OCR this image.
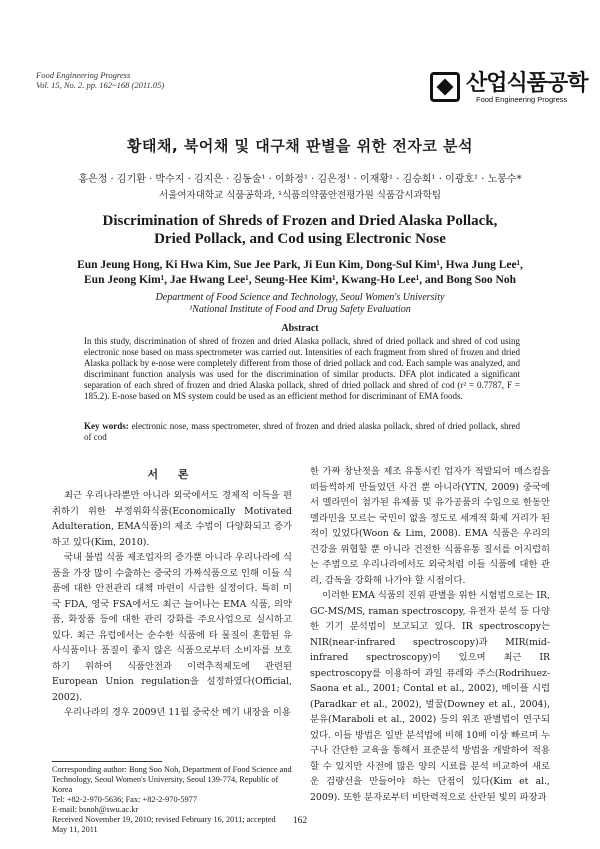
Food Engineering Progress
Vol. 15, No. 2. pp. 162~168 (2011.05)	산업식품공학
Food Engineering Progress
황태채, 북어채 및 대구채 판별을 위한 전자코 분석
홍은정 · 김기환 · 박수지 · 김지은 · 김동술¹ · 이화정¹ · 김은정¹ · 이재황¹ · 김승희¹ · 이광호¹ · 노봉수*
서울여자대학교 식품공학과, ¹식품의약품안전평가원 식품감시과학팀
Discrimination of Shreds of Frozen and Dried Alaska Pollack,
Dried Pollack, and Cod using Electronic Nose
Eun Jeung Hong, Ki Hwa Kim, Sue Jee Park, Ji Eun Kim, Dong-Sul Kim¹, Hwa Jung Lee¹,
Eun Jeong Kim¹, Jae Hwang Lee¹, Seung-Hee Kim¹, Kwang-Ho Lee¹, and Bong Soo Noh
Department of Food Science and Technology, Seoul Women's University
¹National Institute of Food and Drug Safety Evaluation
Abstract
In this study, discrimination of shred of frozen and dried Alaska pollack, shred of dried pollack and shred of cod using electronic nose based on mass spectrometer was carried out. Intensities of each fragment from shred of frozen and dried Alaska pollack by e-nose were completely different from those of dried pollack and cod. Each sample was analyzed, and discriminant function analysis was used for the discrimination of similar products. DFA plot indicated a significant separation of each shred of frozen and dried Alaska pollack, shred of dried pollack and shred of cod (r² = 0.7787, F = 185.2). E-nose based on MS system could be used as an efficient method for discriminant of EMA foods.
Key words: electronic nose, mass spectrometer, shred of frozen and dried alaska pollack, shred of dried pollack, shred of cod
서 론

최근 우리나라뿐만 아니라 외국에서도 경제적 이득을 편취하기 위한 부정위화식품(Economically Motivated Adulteration, EMA식품)의 제조 수법이 다양화되고 증가하고 있다(Kim, 2010).

국내 불법 식품 제조업자의 증가뿐 아니라 우리나라에 식품을 가장 많이 수출하는 중국의 가짜식품으로 인해 이들 식품에 대한 안전관리 대책 마련이 시급한 실정이다. 특히 미국 FDA, 영국 FSA에서도 최근 늘어나는 EMA 식품, 의약품, 화장품 등에 대한 관리 강화를 주요사업으로 실시하고 있다. 최근 유럽에서는 순수한 식품에 타 물질이 혼합된 유사식품이나 품질이 좋지 않은 식품으로부터 소비자를 보호하기 위하여 식품안전과 이력추적제도에 관련된 European Union regulation을 설정하였다(Official, 2002).

우리나라의 경우 2009년 11월 중국산 메기 내장을 이용

한 가짜 창난젓을 제조 유통시킨 업자가 적발되어 매스컴을 떠들썩하게 만들었던 사건 뿐 아니라(YTN, 2009) 중국에서 멜라민이 첨가된 유제품 및 유가공품의 수입으로 한동안 멜라민을 모르는 국민이 없을 정도로 세계적 화제 거리가 된 적이 있었다(Woon & Lim, 2008). EMA 식품은 우리의 건강을 위협할 뿐 아니라 건전한 식품유통 질서를 어지럽히는 주범으로 우리나라에서도 외국처럼 이들 식품에 대한 관리, 감독을 강화해 나가야 할 시점이다.

이러한 EMA 식품의 진위 판별을 위한 시험법으로는 IR, GC-MS/MS, raman spectroscopy, 유전자 분석 등 다양한 기기 분석법이 보고되고 있다. IR spectroscopy는 NIR(near-infrared spectroscopy)과 MIR(mid-infrared spectroscopy)이 있으며 최근 IR spectroscopy를 이용하여 과일 퓨레와 주스(Rodrihuez-Saona et al., 2001; Contal et al., 2002), 메이플 시럽(Paradkar et al., 2002), 벌꿀(Downey et al., 2004), 분유(Maraboli et al., 2002) 등의 위조 판별법이 연구되었다. 이들 방법은 일반 분석법에 비해 10배 이상 빠르며 누구나 간단한 교육을 통해서 표준분석 방법을 개발하여 적용할 수 있지만 사전에 많은 양의 시료를 분석 비교하여 새로운 검량선을 만들어야 하는 단점이 있다(Kim et al., 2009). 또한 분자로부터 비탄력적으로 산란된 빛의 파장과

Corresponding author: Bong Soo Noh, Department of Food Science and Technology, Seoul Women's University, Seoul 139-774, Republic of Korea
Tel: +82-2-970-5636; Fax: +82-2-970-5977
E-mail: bsnoh@swu.ac.kr
Received November 19, 2010; revised February 16, 2011; accepted May 11, 2011
162
